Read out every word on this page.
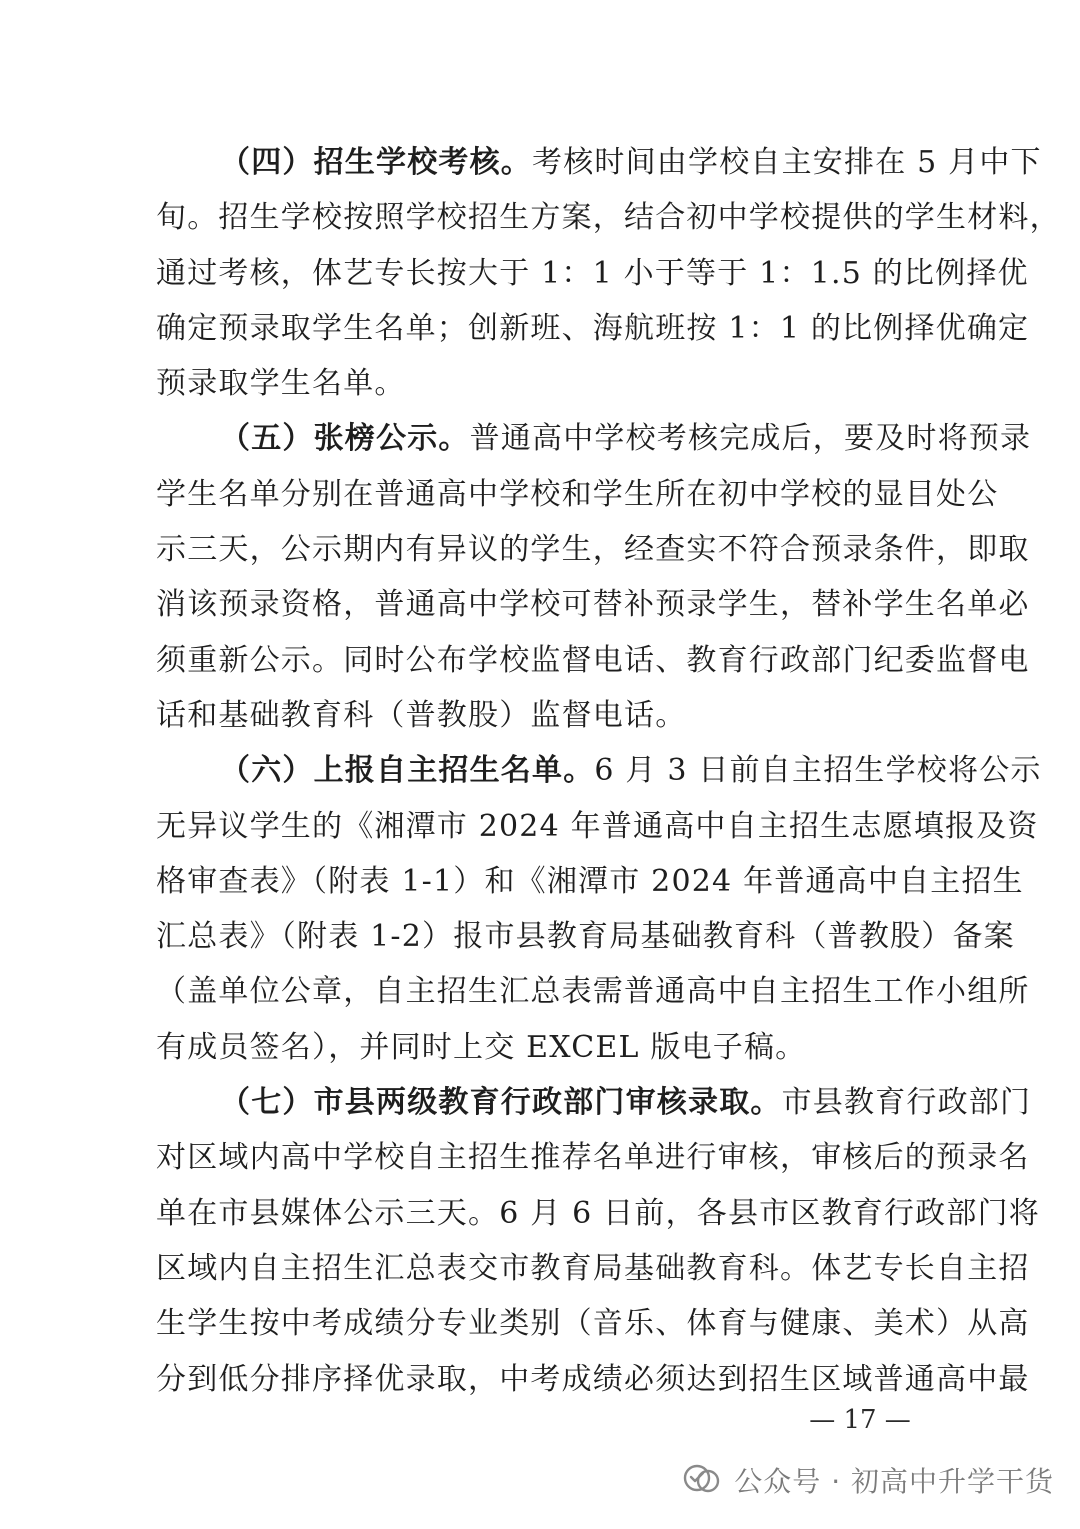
（四）招生学校考核。考核时间由学校自主安排在 5 月中下
旬。招生学校按照学校招生方案，结合初中学校提供的学生材料，
通过考核，体艺专长按大于 1：1 小于等于 1：1.5 的比例择优
确定预录取学生名单；创新班、海航班按 1：1 的比例择优确定
预录取学生名单。
（五）张榜公示。普通高中学校考核完成后，要及时将预录
学生名单分别在普通高中学校和学生所在初中学校的显目处公
示三天，公示期内有异议的学生，经查实不符合预录条件，即取
消该预录资格，普通高中学校可替补预录学生，替补学生名单必
须重新公示。同时公布学校监督电话、教育行政部门纪委监督电
话和基础教育科（普教股）监督电话。
（六）上报自主招生名单。6 月 3 日前自主招生学校将公示
无异议学生的《湘潭市 2024 年普通高中自主招生志愿填报及资
格审查表》（附表 1-1）和《湘潭市 2024 年普通高中自主招生
汇总表》（附表 1-2）报市县教育局基础教育科（普教股）备案
（盖单位公章，自主招生汇总表需普通高中自主招生工作小组所
有成员签名），并同时上交 EXCEL 版电子稿。
（七）市县两级教育行政部门审核录取。市县教育行政部门
对区域内高中学校自主招生推荐名单进行审核，审核后的预录名
单在市县媒体公示三天。6 月 6 日前，各县市区教育行政部门将
区域内自主招生汇总表交市教育局基础教育科。体艺专长自主招
生学生按中考成绩分专业类别（音乐、体育与健康、美术）从高
分到低分排序择优录取，中考成绩必须达到招生区域普通高中最
— 17 —
公众号 · 初高中升学干货
